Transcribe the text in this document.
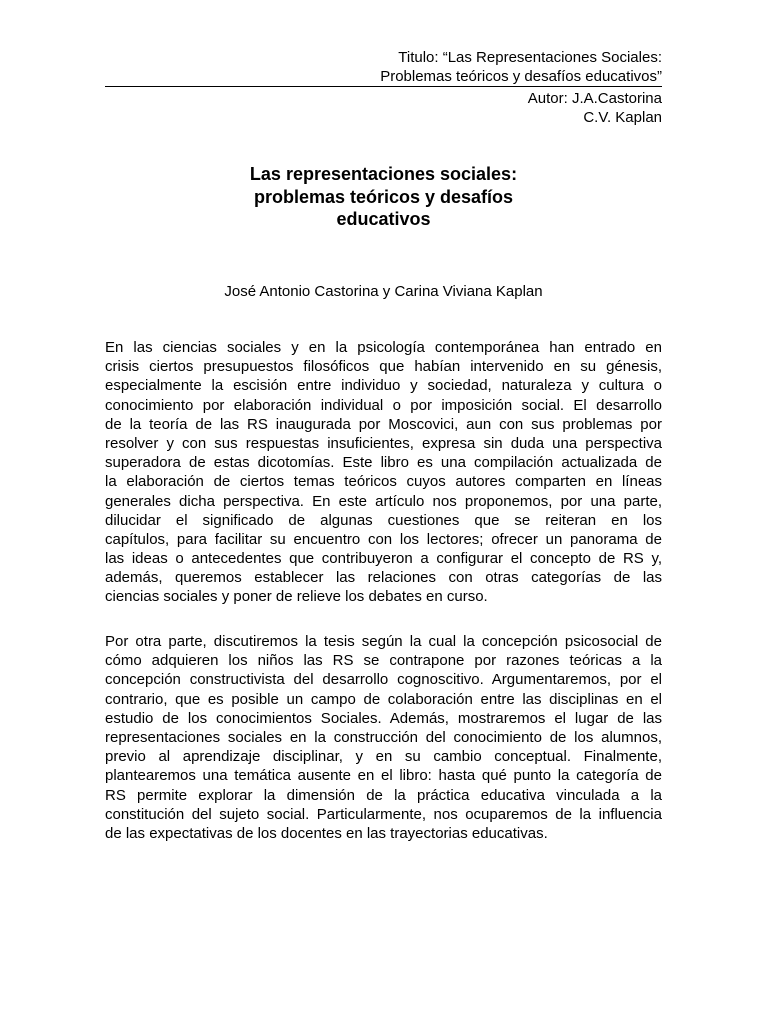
Titulo: “Las Representaciones Sociales:
Problemas teóricos y desafíos educativos”
Autor: J.A.Castorina
C.V. Kaplan
Las representaciones sociales:
problemas teóricos y desafíos
educativos
José Antonio Castorina y Carina Viviana Kaplan
En las ciencias sociales y en la psicología contemporánea han entrado en
crisis ciertos presupuestos filosóficos que habían intervenido en su génesis,
especialmente la escisión entre individuo y sociedad, naturaleza y cultura o
conocimiento por elaboración individual o por imposición social. El desarrollo
de la teoría de las RS inaugurada por Moscovici, aun con sus problemas por
resolver y con sus respuestas insuficientes, expresa sin duda una perspectiva
superadora de estas dicotomías. Este libro es una compilación actualizada de
la elaboración de ciertos temas teóricos cuyos autores comparten en líneas
generales dicha perspectiva. En este artículo nos proponemos, por una parte,
dilucidar el significado de algunas cuestiones que se reiteran en los
capítulos, para facilitar su encuentro con los lectores; ofrecer un panorama de
las ideas o antecedentes que contribuyeron a configurar el concepto de RS y,
además, queremos establecer las relaciones con otras categorías de las
ciencias sociales y poner de relieve los debates en curso.
Por otra parte, discutiremos la tesis según la cual la concepción psicosocial de
cómo adquieren los niños las RS se contrapone por razones teóricas a la
concepción constructivista del desarrollo cognoscitivo. Argumentaremos, por el
contrario, que es posible un campo de colaboración entre las disciplinas en el
estudio de los conocimientos Sociales. Además, mostraremos el lugar de las
representaciones sociales en la construcción del conocimiento de los alumnos,
previo al aprendizaje disciplinar, y en su cambio conceptual. Finalmente,
plantearemos una temática ausente en el libro: hasta qué punto la categoría de
RS permite explorar la dimensión de la práctica educativa vinculada a la
constitución del sujeto social. Particularmente, nos ocuparemos de la influencia
de las expectativas de los docentes en las trayectorias educativas.
